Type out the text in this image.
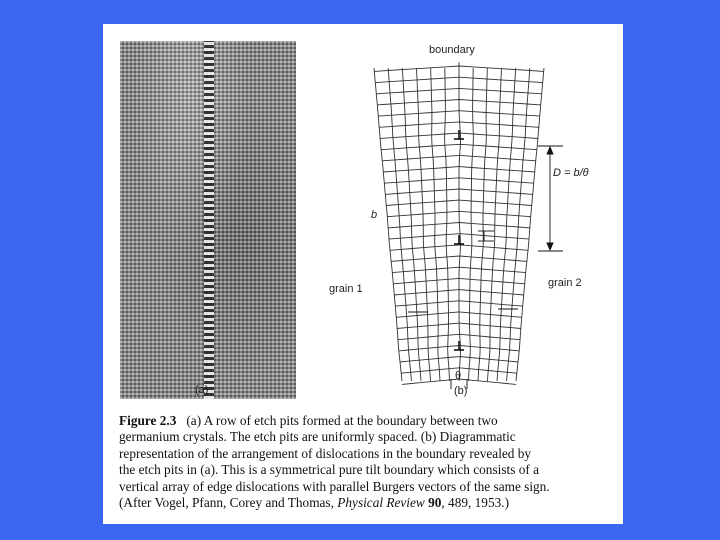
(a)
boundary
D = b/θ
b
grain 1	grain 2
θ
(b)
Figure 2.3 (a) A row of etch pits formed at the boundary between two
germanium crystals. The etch pits are uniformly spaced. (b) Diagrammatic
representation of the arrangement of dislocations in the boundary revealed by
the etch pits in (a). This is a symmetrical pure tilt boundary which consists of a
vertical array of edge dislocations with parallel Burgers vectors of the same sign.
(After Vogel, Pfann, Corey and Thomas, Physical Review 90, 489, 1953.)
